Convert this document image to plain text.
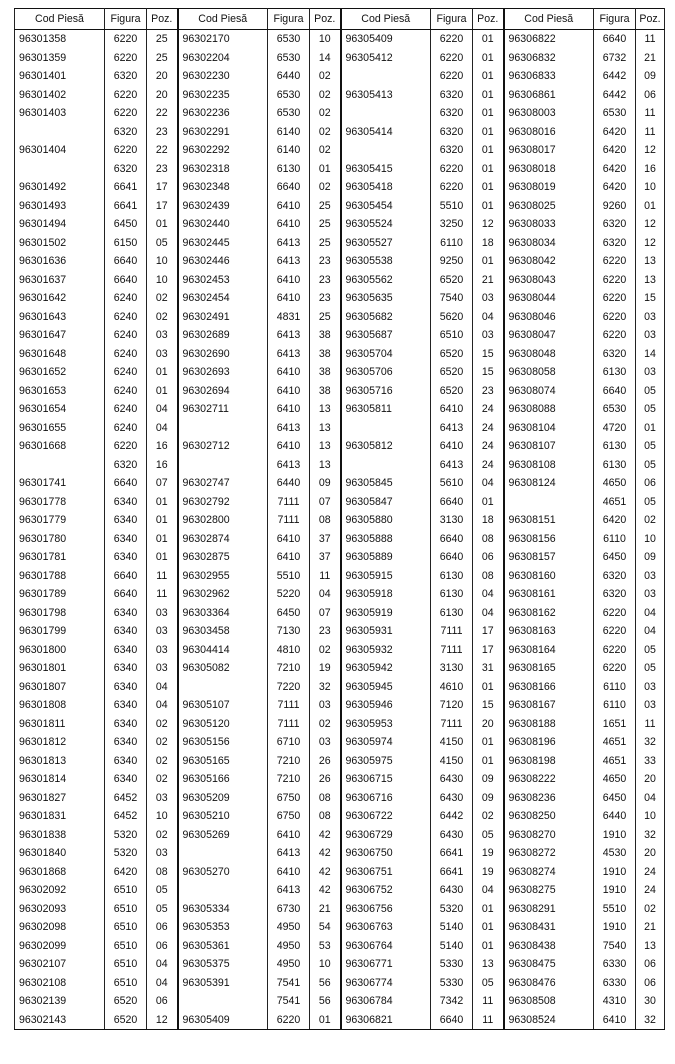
Cod Piesă	Figura	Poz.	Cod Piesă	Figura	Poz.	Cod Piesă	Figura	Poz.	Cod Piesă	Figura	Poz.
96301358	6220	25	96302170	6530	10	96305409	6220	01	96306822	6640	11
96301359	6220	25	96302204	6530	14	96305412	6220	01	96306832	6732	21
96301401	6320	20	96302230	6440	02		6220	01	96306833	6442	09
96301402	6220	20	96302235	6530	02	96305413	6320	01	96306861	6442	06
96301403	6220	22	96302236	6530	02		6320	01	96308003	6530	11
	6320	23	96302291	6140	02	96305414	6320	01	96308016	6420	11
96301404	6220	22	96302292	6140	02		6320	01	96308017	6420	12
	6320	23	96302318	6130	01	96305415	6220	01	96308018	6420	16
96301492	6641	17	96302348	6640	02	96305418	6220	01	96308019	6420	10
96301493	6641	17	96302439	6410	25	96305454	5510	01	96308025	9260	01
96301494	6450	01	96302440	6410	25	96305524	3250	12	96308033	6320	12
96301502	6150	05	96302445	6413	25	96305527	6110	18	96308034	6320	12
96301636	6640	10	96302446	6413	23	96305538	9250	01	96308042	6220	13
96301637	6640	10	96302453	6410	23	96305562	6520	21	96308043	6220	13
96301642	6240	02	96302454	6410	23	96305635	7540	03	96308044	6220	15
96301643	6240	02	96302491	4831	25	96305682	5620	04	96308046	6220	03
96301647	6240	03	96302689	6413	38	96305687	6510	03	96308047	6220	03
96301648	6240	03	96302690	6413	38	96305704	6520	15	96308048	6320	14
96301652	6240	01	96302693	6410	38	96305706	6520	15	96308058	6130	03
96301653	6240	01	96302694	6410	38	96305716	6520	23	96308074	6640	05
96301654	6240	04	96302711	6410	13	96305811	6410	24	96308088	6530	05
96301655	6240	04		6413	13		6413	24	96308104	4720	01
96301668	6220	16	96302712	6410	13	96305812	6410	24	96308107	6130	05
	6320	16		6413	13		6413	24	96308108	6130	05
96301741	6640	07	96302747	6440	09	96305845	5610	04	96308124	4650	06
96301778	6340	01	96302792	7111	07	96305847	6640	01		4651	05
96301779	6340	01	96302800	7111	08	96305880	3130	18	96308151	6420	02
96301780	6340	01	96302874	6410	37	96305888	6640	08	96308156	6110	10
96301781	6340	01	96302875	6410	37	96305889	6640	06	96308157	6450	09
96301788	6640	11	96302955	5510	11	96305915	6130	08	96308160	6320	03
96301789	6640	11	96302962	5220	04	96305918	6130	04	96308161	6320	03
96301798	6340	03	96303364	6450	07	96305919	6130	04	96308162	6220	04
96301799	6340	03	96303458	7130	23	96305931	7111	17	96308163	6220	04
96301800	6340	03	96304414	4810	02	96305932	7111	17	96308164	6220	05
96301801	6340	03	96305082	7210	19	96305942	3130	31	96308165	6220	05
96301807	6340	04		7220	32	96305945	4610	01	96308166	6110	03
96301808	6340	04	96305107	7111	03	96305946	7120	15	96308167	6110	03
96301811	6340	02	96305120	7111	02	96305953	7111	20	96308188	1651	11
96301812	6340	02	96305156	6710	03	96305974	4150	01	96308196	4651	32
96301813	6340	02	96305165	7210	26	96305975	4150	01	96308198	4651	33
96301814	6340	02	96305166	7210	26	96306715	6430	09	96308222	4650	20
96301827	6452	03	96305209	6750	08	96306716	6430	09	96308236	6450	04
96301831	6452	10	96305210	6750	08	96306722	6442	02	96308250	6440	10
96301838	5320	02	96305269	6410	42	96306729	6430	05	96308270	1910	32
96301840	5320	03		6413	42	96306750	6641	19	96308272	4530	20
96301868	6420	08	96305270	6410	42	96306751	6641	19	96308274	1910	24
96302092	6510	05		6413	42	96306752	6430	04	96308275	1910	24
96302093	6510	05	96305334	6730	21	96306756	5320	01	96308291	5510	02
96302098	6510	06	96305353	4950	54	96306763	5140	01	96308431	1910	21
96302099	6510	06	96305361	4950	53	96306764	5140	01	96308438	7540	13
96302107	6510	04	96305375	4950	10	96306771	5330	13	96308475	6330	06
96302108	6510	04	96305391	7541	56	96306774	5330	05	96308476	6330	06
96302139	6520	06		7541	56	96306784	7342	11	96308508	4310	30
96302143	6520	12	96305409	6220	01	96306821	6640	11	96308524	6410	32
